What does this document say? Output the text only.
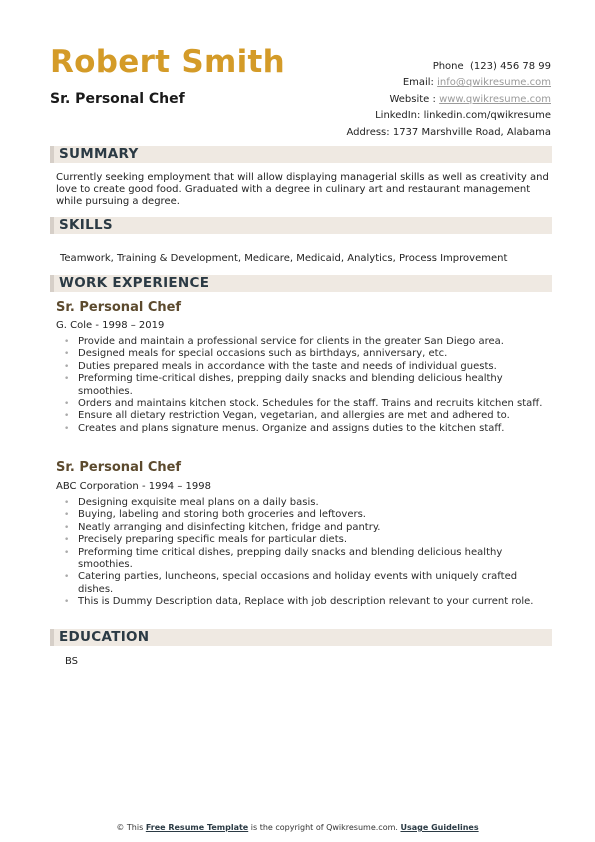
Robert Smith
Sr. Personal Chef
Phone (123) 456 78 99
Email: info@qwikresume.com
Website : www.qwikresume.com
LinkedIn: linkedin.com/qwikresume
Address: 1737 Marshville Road, Alabama
SUMMARY
Currently seeking employment that will allow displaying managerial skills as well as creativity and love to create good food. Graduated with a degree in culinary art and restaurant management while pursuing a degree.
SKILLS
Teamwork, Training & Development, Medicare, Medicaid, Analytics, Process Improvement
WORK EXPERIENCE
Sr. Personal Chef
G. Cole - 1998 – 2019
• Provide and maintain a professional service for clients in the greater San Diego area.
• Designed meals for special occasions such as birthdays, anniversary, etc.
• Duties prepared meals in accordance with the taste and needs of individual guests.
• Preforming time-critical dishes, prepping daily snacks and blending delicious healthy smoothies.
• Orders and maintains kitchen stock. Schedules for the staff. Trains and recruits kitchen staff.
• Ensure all dietary restriction Vegan, vegetarian, and allergies are met and adhered to.
• Creates and plans signature menus. Organize and assigns duties to the kitchen staff.
Sr. Personal Chef
ABC Corporation - 1994 – 1998
• Designing exquisite meal plans on a daily basis.
• Buying, labeling and storing both groceries and leftovers.
• Neatly arranging and disinfecting kitchen, fridge and pantry.
• Precisely preparing specific meals for particular diets.
• Preforming time critical dishes, prepping daily snacks and blending delicious healthy smoothies.
• Catering parties, luncheons, special occasions and holiday events with uniquely crafted dishes.
• This is Dummy Description data, Replace with job description relevant to your current role.
EDUCATION
BS
© This Free Resume Template is the copyright of Qwikresume.com. Usage Guidelines
